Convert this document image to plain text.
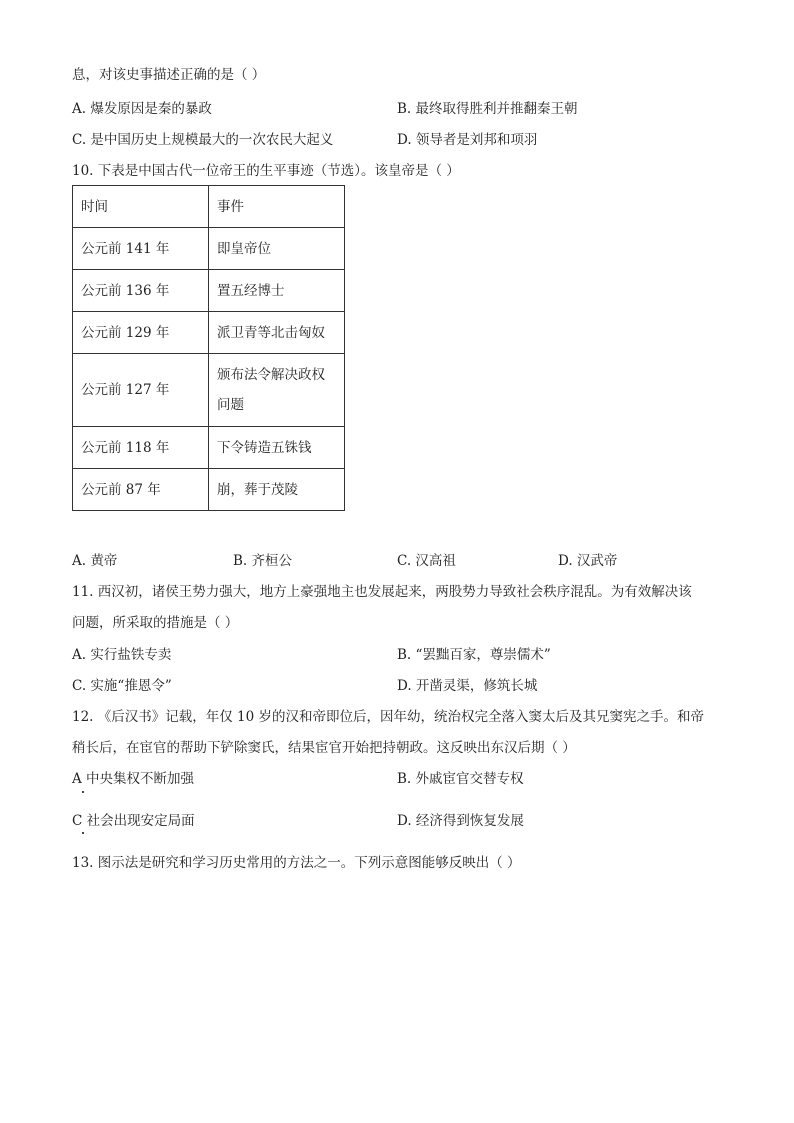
息，对该史事描述正确的是（ ）
A. 爆发原因是秦的暴政	B. 最终取得胜利并推翻秦王朝
C. 是中国历史上规模最大的一次农民大起义	D. 领导者是刘邦和项羽
10. 下表是中国古代一位帝王的生平事迹（节选）。该皇帝是（ ）
时间	事件
公元前 141 年	即皇帝位
公元前 136 年	置五经博士
公元前 129 年	派卫青等北击匈奴
公元前 127 年	颁布法令解决政权
问题

公元前 118 年	下令铸造五铢钱
公元前 87 年	崩，葬于茂陵
A. 黄帝	B. 齐桓公	C. 汉高祖	D. 汉武帝
11. 西汉初，诸侯王势力强大，地方上豪强地主也发展起来，两股势力导致社会秩序混乱。为有效解决该
问题，所采取的措施是（ ）
A. 实行盐铁专卖	B. “罢黜百家，尊崇儒术”
C. 实施“推恩令”	D. 开凿灵渠，修筑长城
12. 《后汉书》记载，年仅 10 岁的汉和帝即位后，因年幼，统治权完全落入窦太后及其兄窦宪之手。和帝
稍长后，在宦官的帮助下铲除窦氏，结果宦官开始把持朝政。这反映出东汉后期（ ）
A 中央集权不断加强	B. 外戚宦官交替专权
C 社会出现安定局面	D. 经济得到恢复发展
13. 图示法是研究和学习历史常用的方法之一。下列示意图能够反映出（ ）
